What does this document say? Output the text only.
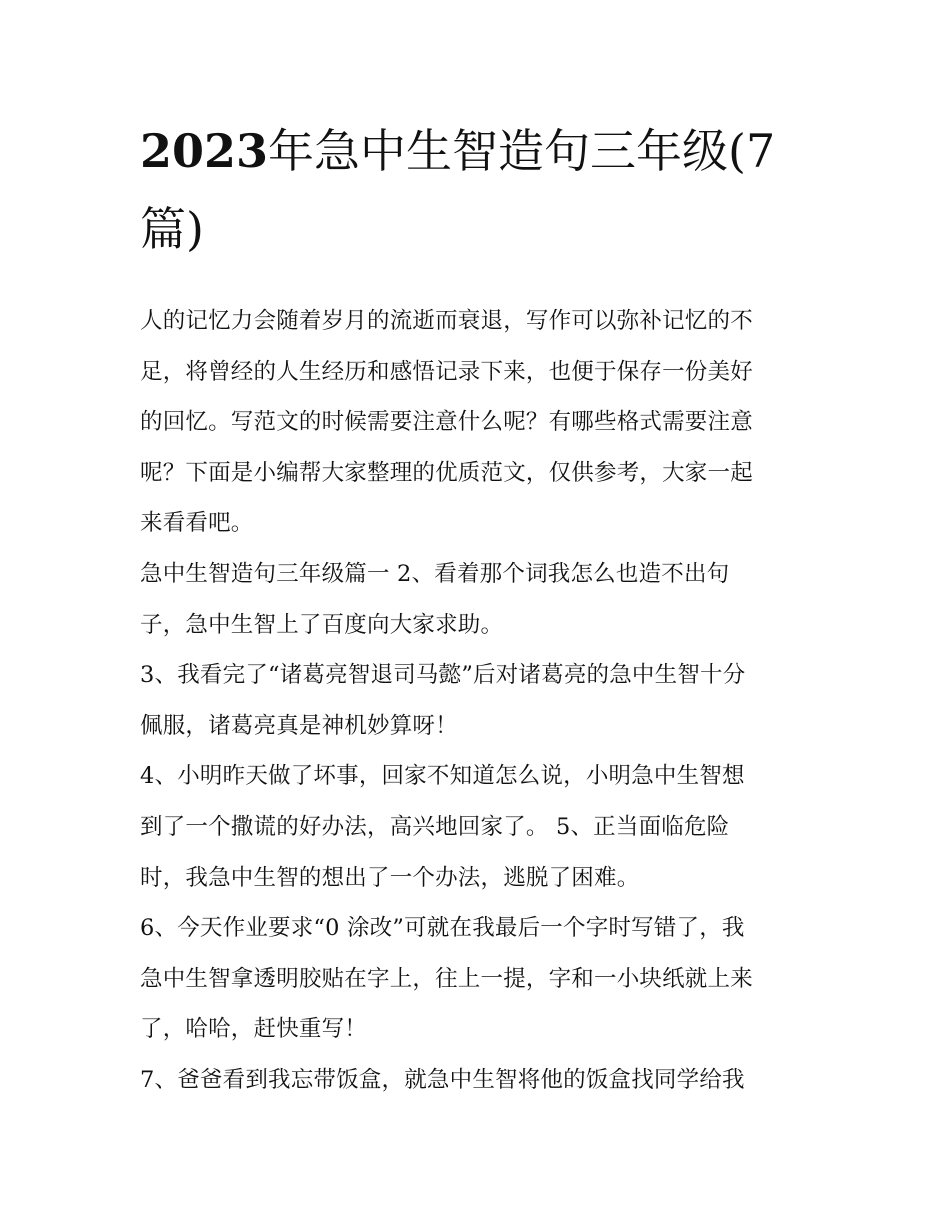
2023年急中生智造句三年级(7
篇)

人的记忆力会随着岁月的流逝而衰退，写作可以弥补记忆的不
足，将曾经的人生经历和感悟记录下来，也便于保存一份美好
的回忆。写范文的时候需要注意什么呢？有哪些格式需要注意
呢？下面是小编帮大家整理的优质范文，仅供参考，大家一起
来看看吧。

急中生智造句三年级篇一 2、看着那个词我怎么也造不出句
子，急中生智上了百度向大家求助。

3、我看完了“诸葛亮智退司马懿”后对诸葛亮的急中生智十分
佩服，诸葛亮真是神机妙算呀！

4、小明昨天做了坏事，回家不知道怎么说，小明急中生智想
到了一个撒谎的好办法，高兴地回家了。 5、正当面临危险
时，我急中生智的想出了一个办法，逃脱了困难。

6、今天作业要求“0 涂改”可就在我最后一个字时写错了，我
急中生智拿透明胶贴在字上，往上一提，字和一小块纸就上来
了，哈哈，赶快重写！

7、爸爸看到我忘带饭盒，就急中生智将他的饭盒找同学给我
